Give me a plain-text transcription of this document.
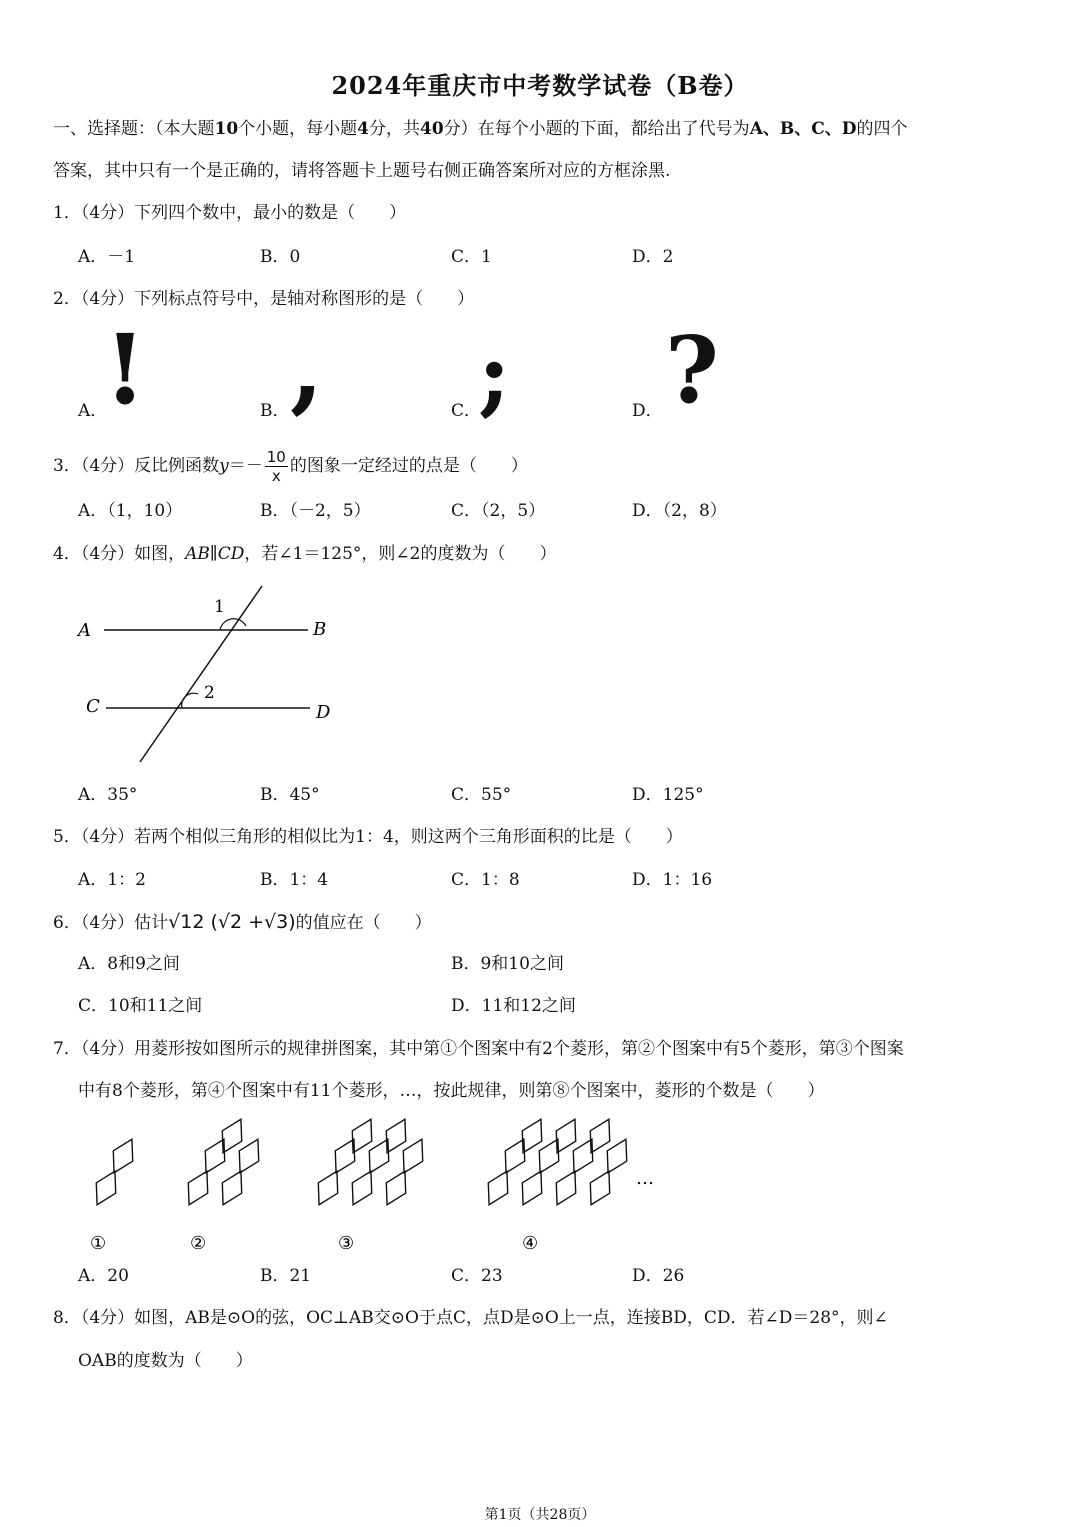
2024年重庆市中考数学试卷（B卷）
一、选择题：（本大题10个小题，每小题4分，共40分）在每个小题的下面，都给出了代号为A、B、C、D的四个
答案，其中只有一个是正确的，请将答题卡上题号右侧正确答案所对应的方框涂黑.
1．（4分）下列四个数中，最小的数是（　　）
A．－1	B．0	C．1	D．2
2．（4分）下列标点符号中，是轴对称图形的是（　　）
A．
!	B． ,	C．
;	D． ?
3．（4分）反比例函数$y=- \frac{10}{x}$ 的图象一定经过的点是（　　）
A．（1，10）	B．（－2，5）	C．（2，5）	D．（2，8）
4．（4分）如图，AB∥CD，若∠1＝125°，则∠2的度数为（　　）
A	B
C	D
1
2
A．35°	B．45°	C．55°	D．125°
5．（4分）若两个相似三角形的相似比为1：4，则这两个三角形面积的比是（　　）
A．1：2	B．1：4	C．1：8	D．1：16
6．（4分）估计√12 (√2 +√3)的值应在（　　）
A．8和9之间	B．9和10之间
C．10和11之间	D．11和12之间
7．（4分）用菱形按如图所示的规律拼图案，其中第①个图案中有2个菱形，第②个图案中有5个菱形，第③个图案
中有8个菱形，第④个图案中有11个菱形，…，按此规律，则第⑧个图案中，菱形的个数是（　　）
①	②	③	④
…
A．20	B．21	C．23	D．26
8．（4分）如图，AB是⊙O的弦，OC⊥AB交⊙O于点C，点D是⊙O上一点，连接BD，CD．若∠D＝28°，则∠
OAB的度数为（　　）
第1页（共28页）
